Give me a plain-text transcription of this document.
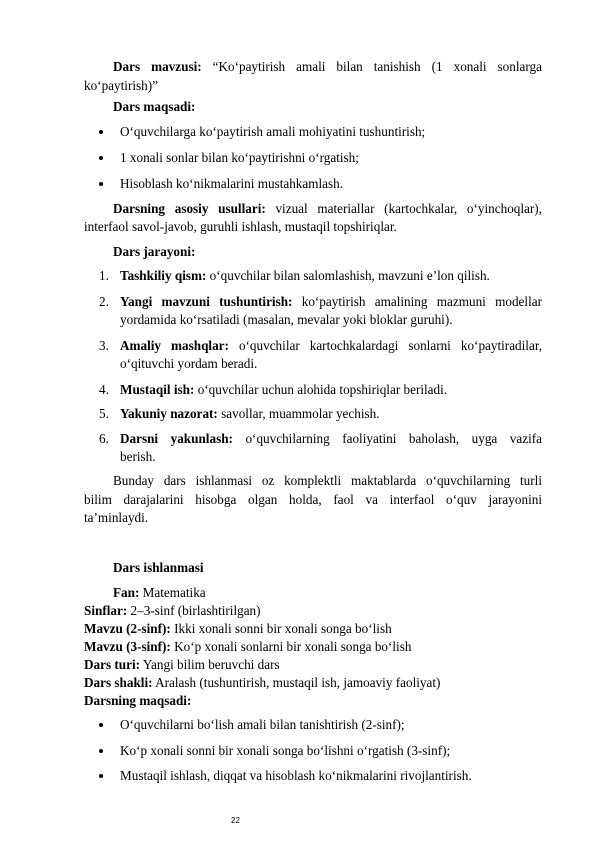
Dars mavzusi: “Ko‘paytirish amali bilan tanishish (1 xonali sonlarga
ko‘paytirish)”
Dars maqsadi:
O‘quvchilarga ko‘paytirish amali mohiyatini tushuntirish;
1 xonali sonlar bilan ko‘paytirishni o‘rgatish;
Hisoblash ko‘nikmalarini mustahkamlash.
Darsning asosiy usullari: vizual materiallar (kartochkalar, o‘yinchoqlar),
interfaol savol-javob, guruhli ishlash, mustaqil topshiriqlar.
Dars jarayoni:
1. Tashkiliy qism: o‘quvchilar bilan salomlashish, mavzuni e’lon qilish.
2. Yangi mavzuni tushuntirish: ko‘paytirish amalining mazmuni modellar
yordamida ko‘rsatiladi (masalan, mevalar yoki bloklar guruhi).
3. Amaliy mashqlar: o‘quvchilar kartochkalardagi sonlarni ko‘paytiradilar,
o‘qituvchi yordam beradi.
4. Mustaqil ish: o‘quvchilar uchun alohida topshiriqlar beriladi.
5. Yakuniy nazorat: savollar, muammolar yechish.
6. Darsni yakunlash: o‘quvchilarning faoliyatini baholash, uyga vazifa
berish.
Bunday dars ishlanmasi oz komplektli maktablarda o‘quvchilarning turli
bilim darajalarini hisobga olgan holda, faol va interfaol o‘quv jarayonini
ta’minlaydi.
Dars ishlanmasi
Fan: Matematika
Sinflar: 2–3-sinf (birlashtirilgan)
Mavzu (2-sinf): Ikki xonali sonni bir xonali songa bo‘lish
Mavzu (3-sinf): Ko‘p xonali sonlarni bir xonali songa bo‘lish
Dars turi: Yangi bilim beruvchi dars
Dars shakli: Aralash (tushuntirish, mustaqil ish, jamoaviy faoliyat)
Darsning maqsadi:
O‘quvchilarni bo‘lish amali bilan tanishtirish (2-sinf);
Ko‘p xonali sonni bir xonali songa bo‘lishni o‘rgatish (3-sinf);
Mustaqil ishlash, diqqat va hisoblash ko‘nikmalarini rivojlantirish.
22
